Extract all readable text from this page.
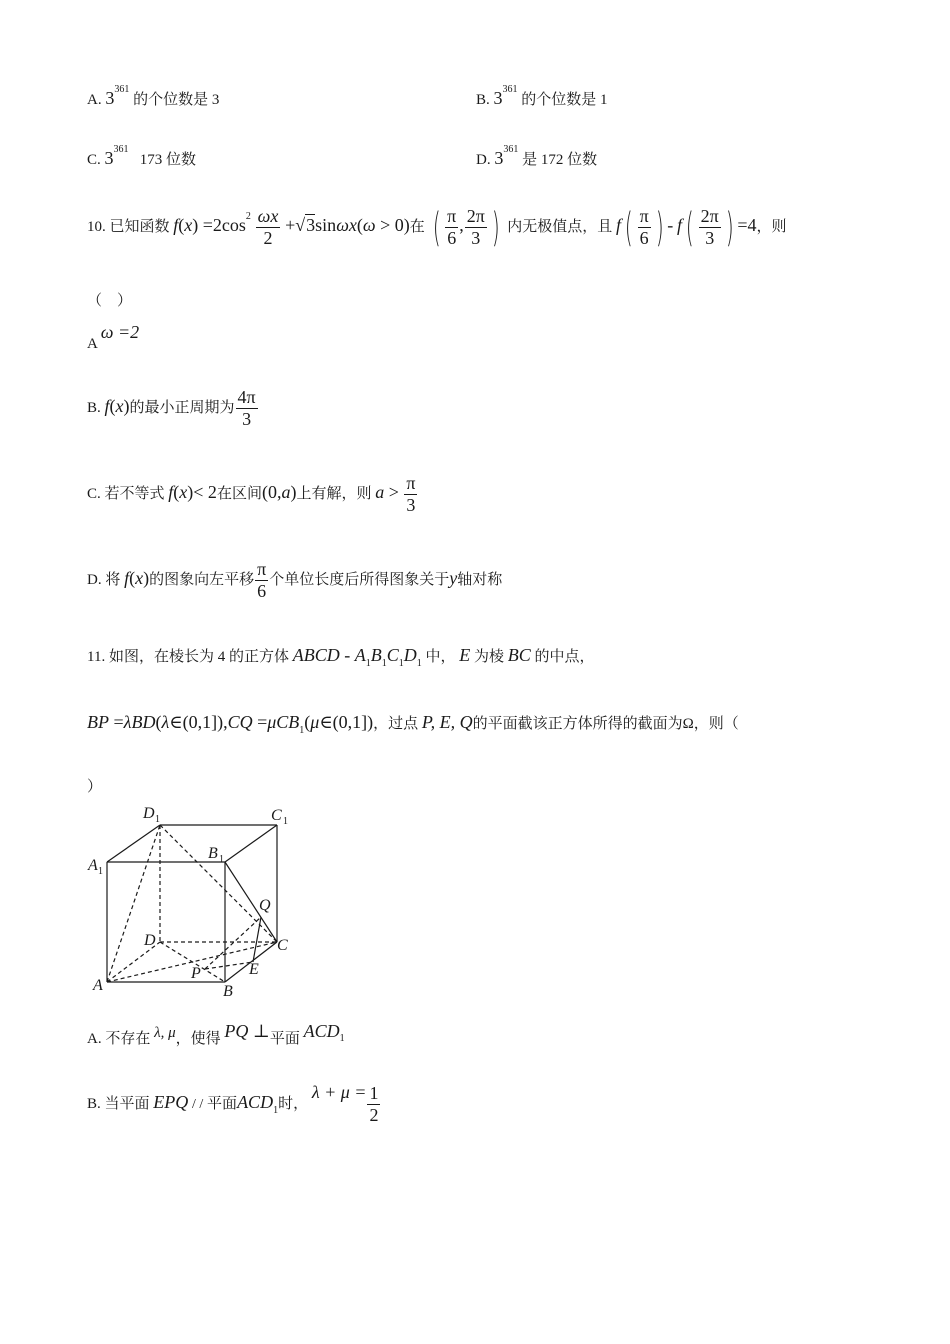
A. $3^{361}$ 的个位数是 3	B. $3^{361}$ 的个位数是 1
C. $3^{361}$   173 位数	D. $3^{361}$ 是 172 位数
10. 已知函数 $f(x) =2\cos^2 \frac{\omega x}{2} +√3\sin\omega x(\omega > 0)$在 ( $\frac{\pi}{6}$ , $\frac{2\pi}{3}$ ) 内无极值点，且 $f( \frac{\pi}{6}$ ) - $f( \frac{2\pi}{3}$ ) =4，则
（　）
A ω =2
B. f(x)的最小正周期为 $\frac{4\pi}{3}$
C. 若不等式 f(x)< 2在区间(0,a)上有解，则 $a > \frac{\pi}{3}$
D. 将 f(x)的图象向左平移 $\frac{\pi}{6}$ 个单位长度后所得图象关于y轴对称
11. 如图，在棱长为 4 的正方体 ABCD - $A_1B_1C_1D_1$ 中， E 为棱 BC 的中点，
BP =λBD(λ∈(0,1]),CQ =μCB$_1$(μ∈(0,1])，过点 P, E, Q的平面截该正方体所得的截面为Ω，则（
）
D 1	C 1
A 1
B 1
Q
D	C
P	E
A	B
A. 不存在 λ, μ，使得 PQ ⊥平面 ACD1
B. 当平面 EPQ / / 平面$ACD_1$时， $\lambda + \mu = \frac{1}{2}$
